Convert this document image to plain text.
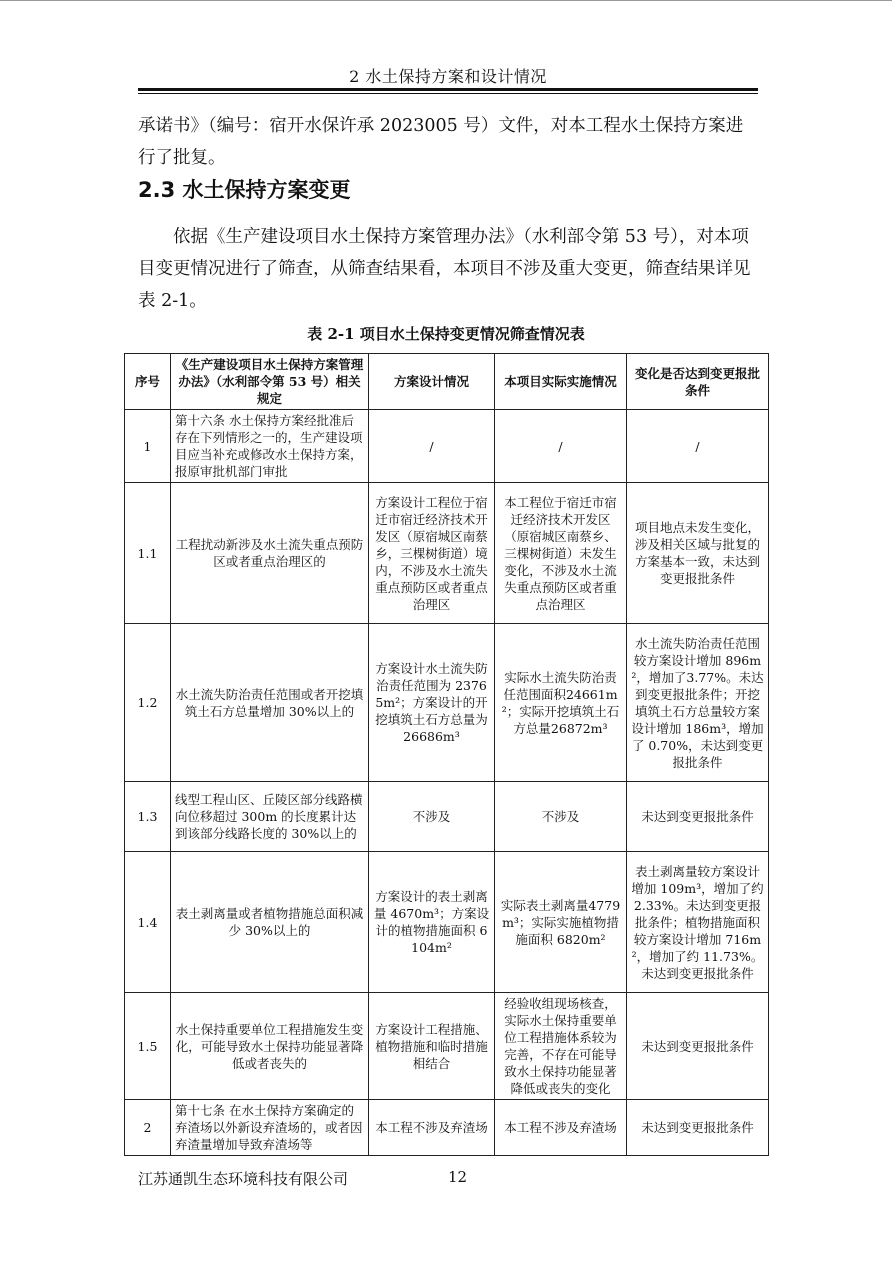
2 水土保持方案和设计情况

承诺书》（编号：宿开水保许承 2023005 号）文件，对本工程水土保持方案进行了批复。

2.3 水土保持方案变更

依据《生产建设项目水土保持方案管理办法》（水利部令第 53 号），对本项目变更情况进行了筛查，从筛查结果看，本项目不涉及重大变更，筛查结果详见表 2-1。

表 2-1 项目水土保持变更情况筛查情况表
序号	《生产建设项目水土保持方案管理办法》（水利部令第 53 号）相关规定	方案设计情况	本项目实际实施情况	变化是否达到变更报批条件
1	第十六条 水土保持方案经批准后存在下列情形之一的，生产建设项目应当补充或修改水土保持方案，报原审批机部门审批	/	/	/
1.1	工程扰动新涉及水土流失重点预防区或者重点治理区的	方案设计工程位于宿迁市宿迁经济技术开发区（原宿城区南蔡乡，三棵树街道）境内，不涉及水土流失重点预防区或者重点治理区	本工程位于宿迁市宿迁经济技术开发区（原宿城区南蔡乡、三棵树街道）未发生变化，不涉及水土流失重点预防区或者重点治理区	项目地点未发生变化，涉及相关区域与批复的方案基本一致，未达到变更报批条件
1.2	水土流失防治责任范围或者开挖填筑土石方总量增加 30%以上的	方案设计水土流失防治责任范围为 23765m²；方案设计的开挖填筑土石方总量为26686m³	实际水土流失防治责任范围面积24661m²；实际开挖填筑土石方总量26872m³	水土流失防治责任范围较方案设计增加 896m²，增加了3.77%。未达到变更报批条件；开挖填筑土石方总量较方案设计增加 186m³，增加了 0.70%，未达到变更报批条件
1.3	线型工程山区、丘陵区部分线路横向位移超过 300m 的长度累计达到该部分线路长度的 30%以上的	不涉及	不涉及	未达到变更报批条件
1.4	表土剥离量或者植物措施总面积减少 30%以上的	方案设计的表土剥离量 4670m³；方案设计的植物措施面积 6104m²	实际表土剥离量4779m³；实际实施植物措施面积 6820m²	表土剥离量较方案设计增加 109m³，增加了约 2.33%。未达到变更报批条件；植物措施面积较方案设计增加 716m²，增加了约 11.73%。未达到变更报批条件
1.5	水土保持重要单位工程措施发生变化，可能导致水土保持功能显著降低或者丧失的	方案设计工程措施、植物措施和临时措施相结合	经验收组现场核查，实际水土保持重要单位工程措施体系较为完善，不存在可能导致水土保持功能显著降低或丧失的变化	未达到变更报批条件
2	第十七条 在水土保持方案确定的弃渣场以外新设弃渣场的，或者因弃渣量增加导致弃渣场等	本工程不涉及弃渣场	本工程不涉及弃渣场	未达到变更报批条件
江苏通凯生态环境科技有限公司	12
